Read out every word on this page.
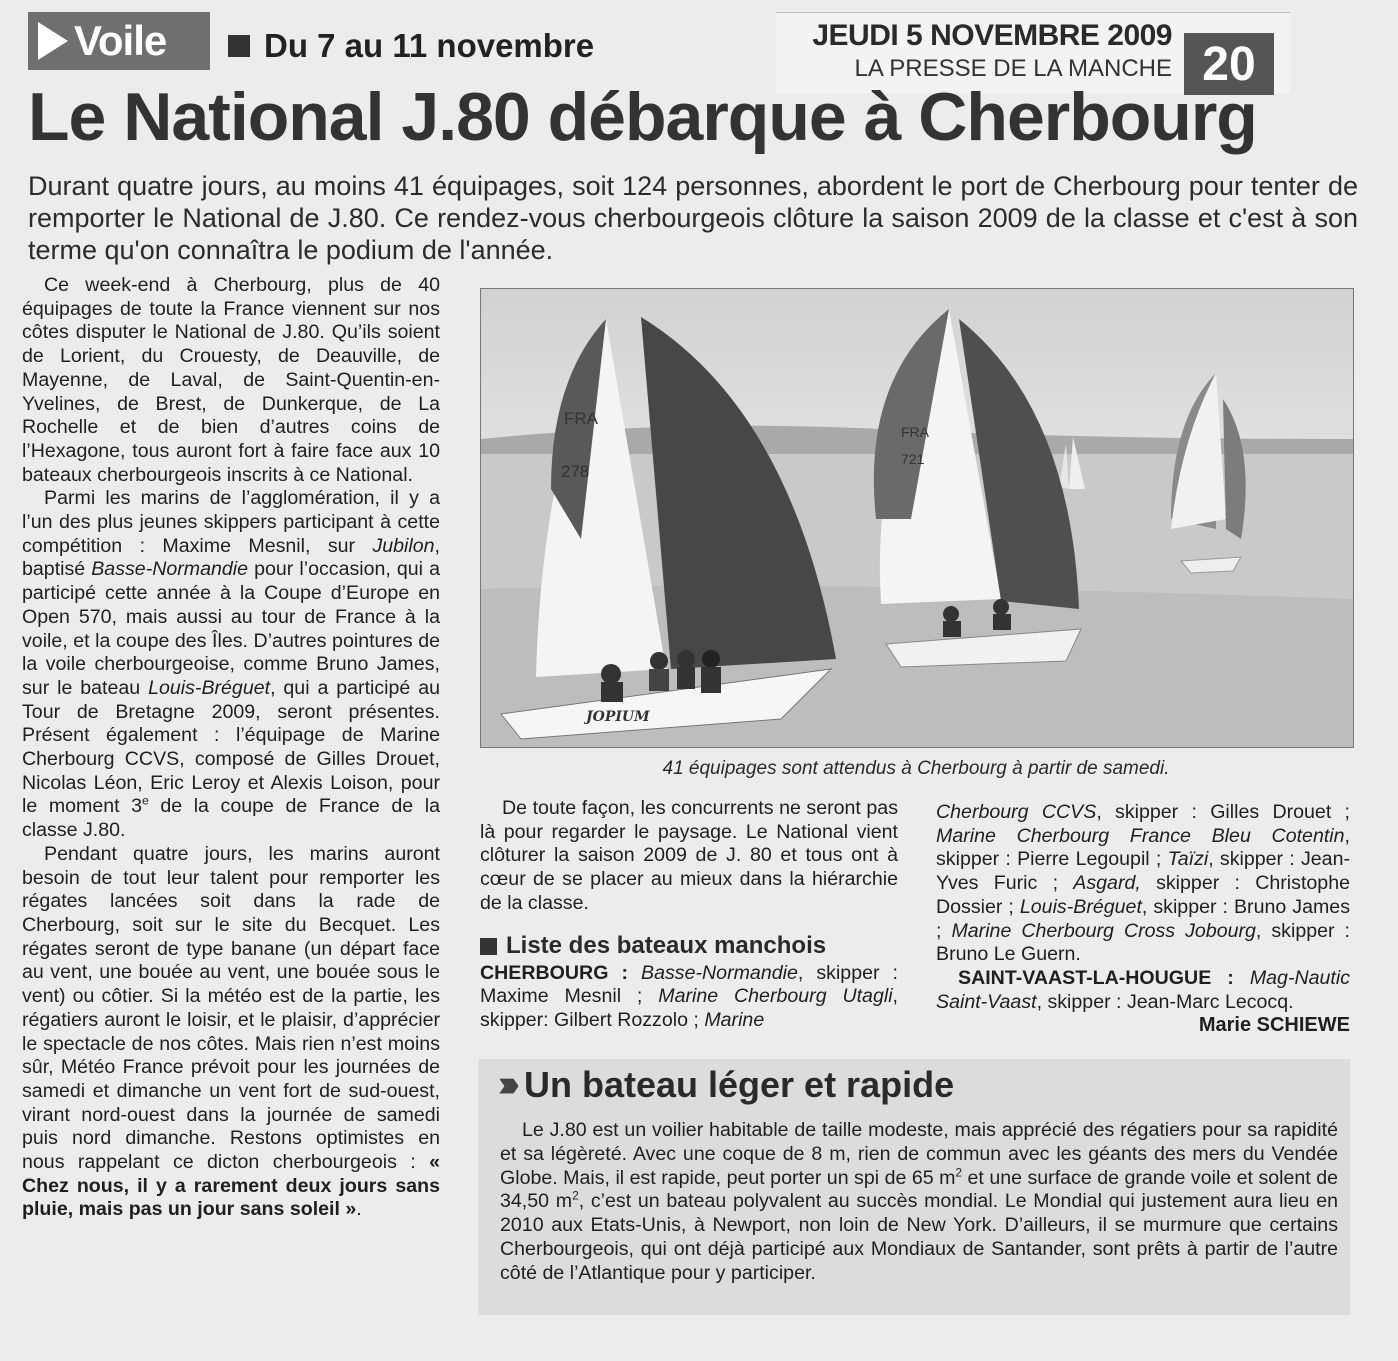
Voile	Du 7 au 11 novembre	JEUDI 5 NOVEMBRE 2009
LA PRESSE DE LA MANCHE 20
Le National J.80 débarque à Cherbourg
Durant quatre jours, au moins 41 équipages, soit 124 personnes, abordent le port de Cherbourg pour tenter de remporter le National de J.80. Ce rendez-vous cherbourgeois clôture la saison 2009 de la classe et c'est à son terme qu'on connaîtra le podium de l'année.

Ce week-end à Cherbourg, plus de 40 équipages de toute la France viennent sur nos côtes disputer le National de J.80. Qu’ils soient de Lorient, du Crouesty, de Deauville, de Mayenne, de Laval, de Saint-Quentin-en-Yvelines, de Brest, de Dunkerque, de La Rochelle et de bien d’autres coins de l’Hexagone, tous auront fort à faire face aux 10 bateaux cherbourgeois inscrits à ce National.

Parmi les marins de l’agglomération, il y a l’un des plus jeunes skippers participant à cette compétition : Maxime Mesnil, sur Jubilon, baptisé Basse-Normandie pour l’occasion, qui a participé cette année à la Coupe d’Europe en Open 570, mais aussi au tour de France à la voile, et la coupe des Îles. D’autres pointures de la voile cherbourgeoise, comme Bruno James, sur le bateau Louis-Bréguet, qui a participé au Tour de Bretagne 2009, seront présentes. Présent également : l’équipage de Marine Cherbourg CCVS, composé de Gilles Drouet, Nicolas Léon, Eric Leroy et Alexis Loison, pour le moment 3e de la coupe de France de la classe J.80.

Pendant quatre jours, les marins auront besoin de tout leur talent pour remporter les régates lancées soit dans la rade de Cherbourg, soit sur le site du Becquet. Les régates seront de type banane (un départ face au vent, une bouée au vent, une bouée sous le vent) ou côtier. Si la météo est de la partie, les régatiers auront le loisir, et le plaisir, d’apprécier le spectacle de nos côtes. Mais rien n’est moins sûr, Météo France prévoit pour les journées de samedi et dimanche un vent fort de sud-ouest, virant nord-ouest dans la journée de samedi puis nord dimanche. Restons optimistes en nous rappelant ce dicton cherbourgeois : « Chez nous, il y a rarement deux jours sans pluie, mais pas un jour sans soleil ».

FRA
278
FRA
721
JOPIUM
41 équipages sont attendus à Cherbourg à partir de samedi.

De toute façon, les concurrents ne seront pas là pour regarder le paysage. Le National vient clôturer la saison 2009 de J. 80 et tous ont à cœur de se placer au mieux dans la hiérarchie de la classe.

CHERBOURG : Basse-Normandie, skipper : Maxime Mesnil ; Marine Cherbourg Utagli, skipper: Gilbert Rozzolo ; Marine

Liste des bateaux manchois

Cherbourg CCVS, skipper : Gilles Drouet ; Marine Cherbourg France Bleu Cotentin, skipper : Pierre Legoupil ; Taïzi, skipper : Jean-Yves Furic ; Asgard, skipper : Christophe Dossier ; Louis-Bréguet, skipper : Bruno James ; Marine Cherbourg Cross Jobourg, skipper : Bruno Le Guern.

SAINT-VAAST-LA-HOUGUE : Mag-Nautic Saint-Vaast, skipper : Jean-Marc Lecocq.

Marie SCHIEWE
››› Un bateau léger et rapide
Le J.80 est un voilier habitable de taille modeste, mais apprécié des régatiers pour sa rapidité et sa légèreté. Avec une coque de 8 m, rien de commun avec les géants des mers du Vendée Globe. Mais, il est rapide, peut porter un spi de 65 $m^2$ et une surface de grande voile et solent de 34,50 $m^2$, c’est un bateau polyvalent au succès mondial. Le Mondial qui justement aura lieu en 2010 aux Etats-Unis, à Newport, non loin de New York. D’ailleurs, il se murmure que certains Cherbourgeois, qui ont déjà participé aux Mondiaux de Santander, sont prêts à partir de l’autre côté de l’Atlantique pour y participer.
